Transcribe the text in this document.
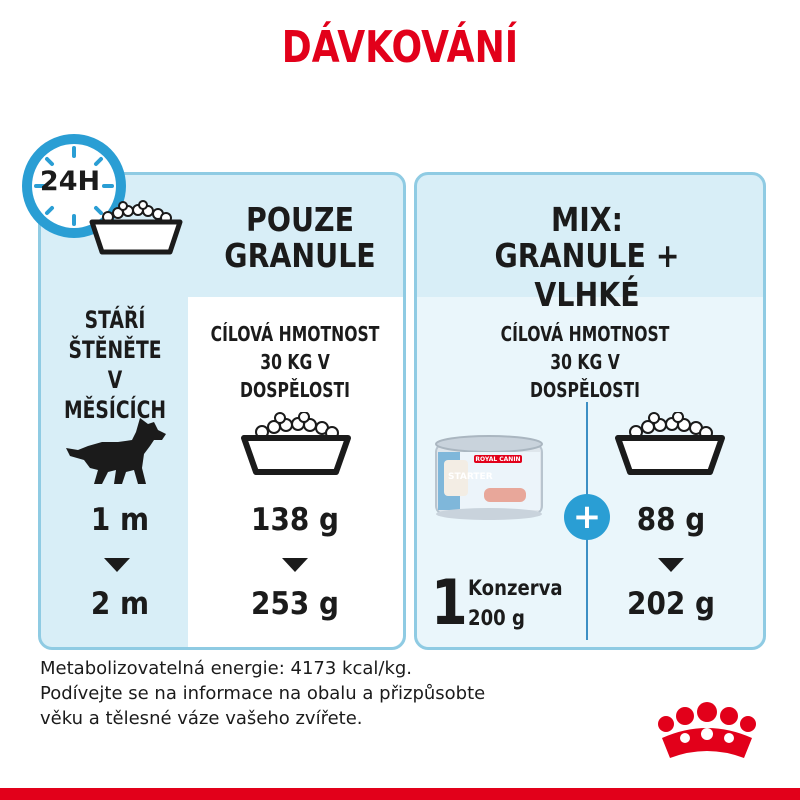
DÁVKOVÁNÍ
24H
POUZE
GRANULE
STÁŘÍ
ŠTĚNĚTE
V MĚSÍCÍCH
CÍLOVÁ HMOTNOST
30 KG V DOSPĚLOSTI
1 m
2 m
138 g
253 g
MIX:
GRANULE + VLHKÉ
CÍLOVÁ HMOTNOST
30 KG V DOSPĚLOSTI
ROYAL CANIN
STARTER
+
1 Konzerva
200 g
88 g
202 g
Metabolizovatelná energie: 4173 kcal/kg.
Podívejte se na informace na obalu a přizpůsobte
věku a tělesné váze vašeho zvířete.
